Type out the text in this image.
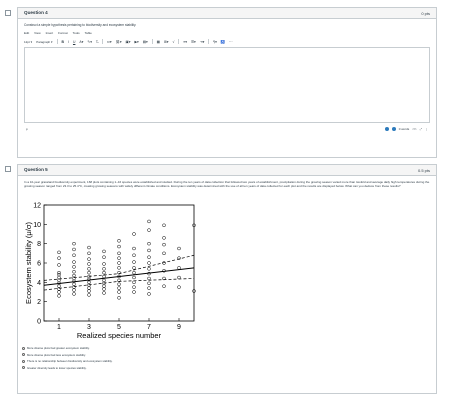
Question 4	0 pts
Construct a simple hypothesis pertaining to biodiversity and ecosystem stability.
Edit View Insert Format Tools Table
12pt ▾ Paragraph ▾	B I U A▾ ✎▾ T̶	x²▾ ⛓▾ ▣▾ ▶▾ ▤▾	▦ ⊞▾ √	≡▾ ☰▾ ⇥▾	¶▾ ♿ ⋯
p	0 words </> ⤢ ⋮
Question 5	0.5 pts
In a 10-year grassland biodiversity experiment, 168 plots containing 1–16 species were established and studied. During the ten years of data collection that followed two years of establishment, precipitation during the growing season varied more than twofold and average daily high temperatures during the growing season ranged from 23.3 to 25.4°C, creating growing seasons with widely different climate conditions. Ecosystem stability was determined with the use of all ten years of data collected for each plot and the results are displayed below. What can you deduce from these results?
0
2
4
6
8
10
12
1	3	5	7	9
Realized species number
Ecosystem stability (μ/σ)
More diverse plots had greater ecosystem stability.
More diverse plots had less ecosystem stability.
There is no relationship between biodiversity and ecosystem stability.
Greater diversity leads to lower species stability.
